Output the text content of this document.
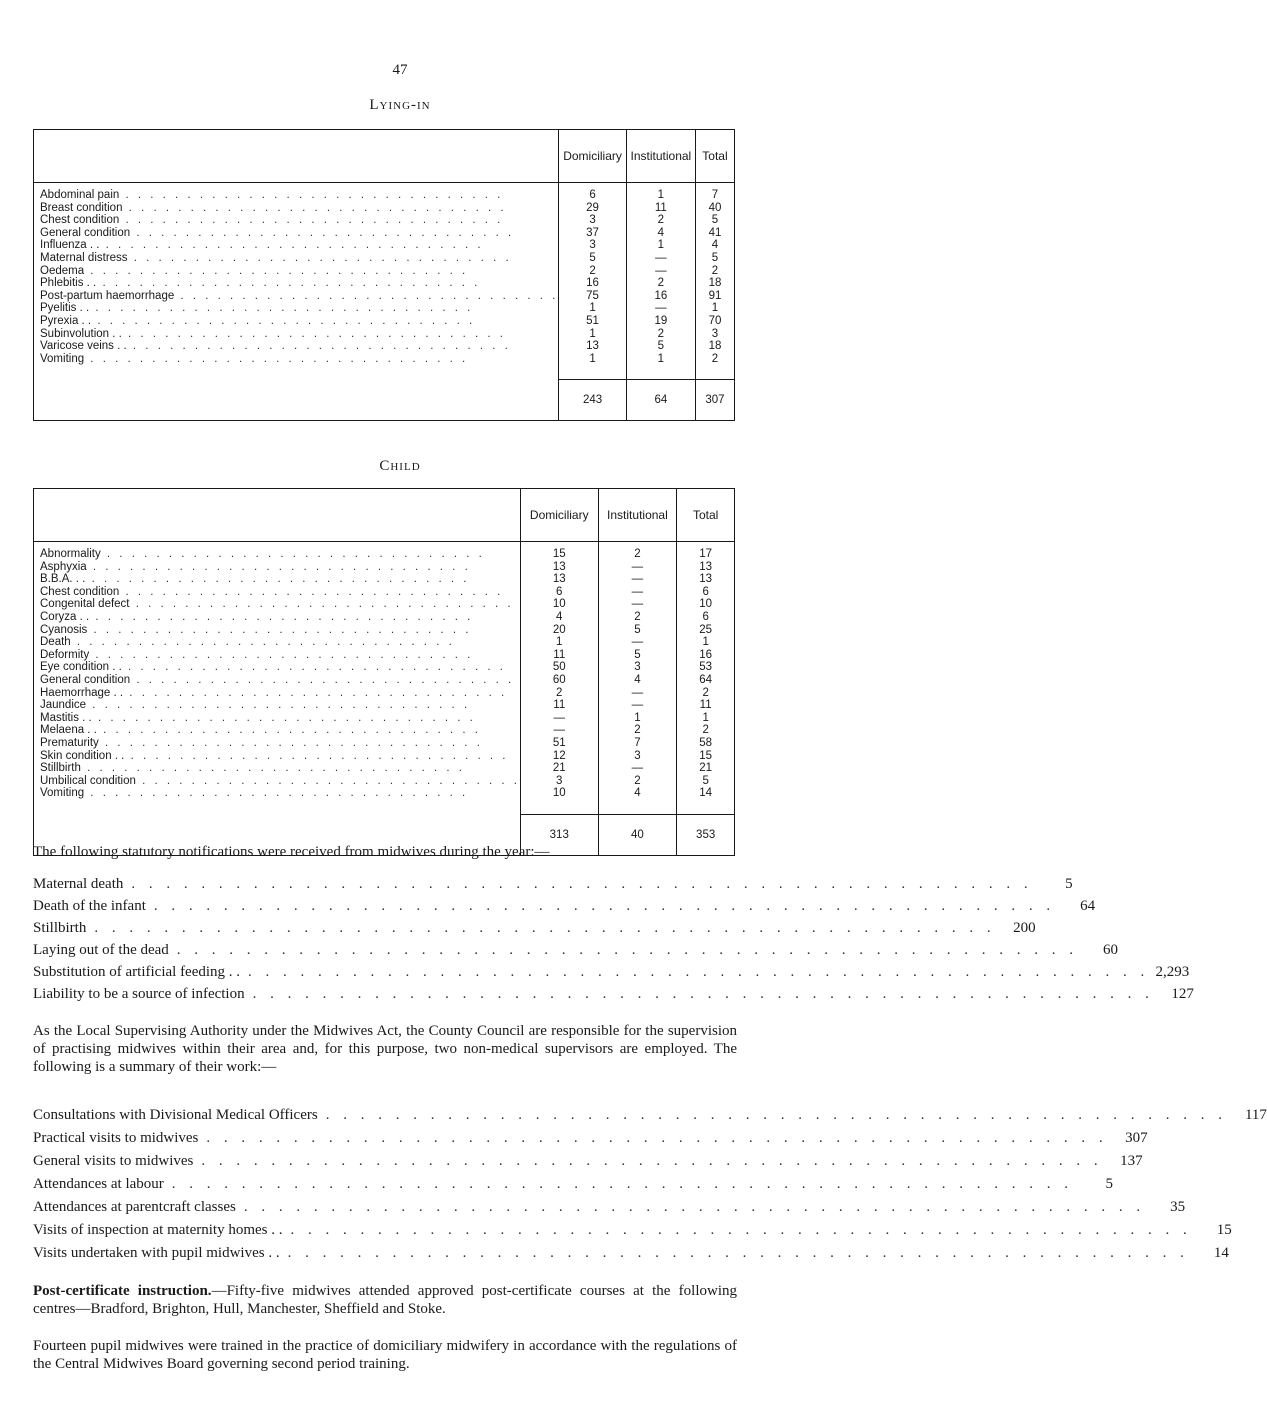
47
Lying-in
	Domiciliary	Institutional	Total
Abdominal pain . . . . . . . . . . . . . . . . . . . . . . . . . . . . . . .	6	1	7
Breast condition . . . . . . . . . . . . . . . . . . . . . . . . . . . . . . .	29	11	40
Chest condition . . . . . . . . . . . . . . . . . . . . . . . . . . . . . . .	3	2	5
General condition . . . . . . . . . . . . . . . . . . . . . . . . . . . . . . .	37	4	41
Influenza . . . . . . . . . . . . . . . . . . . . . . . . . . . . . . . . .	3	1	4
Maternal distress . . . . . . . . . . . . . . . . . . . . . . . . . . . . . . .	5	—	5
Oedema . . . . . . . . . . . . . . . . . . . . . . . . . . . . . . .	2	—	2
Phlebitis . . . . . . . . . . . . . . . . . . . . . . . . . . . . . . . . .	16	2	18
Post-partum haemorrhage . . . . . . . . . . . . . . . . . . . . . . . . . . . . . . .	75	16	91
Pyelitis . . . . . . . . . . . . . . . . . . . . . . . . . . . . . . . . .	1	—	1
Pyrexia . . . . . . . . . . . . . . . . . . . . . . . . . . . . . . . . .	51	19	70
Subinvolution . . . . . . . . . . . . . . . . . . . . . . . . . . . . . . . . .	1	2	3
Varicose veins . . . . . . . . . . . . . . . . . . . . . . . . . . . . . . . . .	13	5	18
Vomiting . . . . . . . . . . . . . . . . . . . . . . . . . . . . . . .	1	1	2

	243	64	307
Child
	Domiciliary	Institutional	Total
Abnormality . . . . . . . . . . . . . . . . . . . . . . . . . . . . . . .	15	2	17
Asphyxia . . . . . . . . . . . . . . . . . . . . . . . . . . . . . . .	13	—	13
B.B.A. . . . . . . . . . . . . . . . . . . . . . . . . . . . . . . . . .	13	—	13
Chest condition . . . . . . . . . . . . . . . . . . . . . . . . . . . . . . .	6	—	6
Congenital defect . . . . . . . . . . . . . . . . . . . . . . . . . . . . . . .	10	—	10
Coryza . . . . . . . . . . . . . . . . . . . . . . . . . . . . . . . . .	4	2	6
Cyanosis . . . . . . . . . . . . . . . . . . . . . . . . . . . . . . .	20	5	25
Death . . . . . . . . . . . . . . . . . . . . . . . . . . . . . . .	1	—	1
Deformity . . . . . . . . . . . . . . . . . . . . . . . . . . . . . . .	11	5	16
Eye condition . . . . . . . . . . . . . . . . . . . . . . . . . . . . . . . . .	50	3	53
General condition . . . . . . . . . . . . . . . . . . . . . . . . . . . . . . .	60	4	64
Haemorrhage . . . . . . . . . . . . . . . . . . . . . . . . . . . . . . . . .	2	—	2
Jaundice . . . . . . . . . . . . . . . . . . . . . . . . . . . . . . .	11	—	11
Mastitis . . . . . . . . . . . . . . . . . . . . . . . . . . . . . . . . .	—	1	1
Melaena . . . . . . . . . . . . . . . . . . . . . . . . . . . . . . . . .	—	2	2
Prematurity . . . . . . . . . . . . . . . . . . . . . . . . . . . . . . .	51	7	58
Skin condition . . . . . . . . . . . . . . . . . . . . . . . . . . . . . . . . .	12	3	15
Stillbirth . . . . . . . . . . . . . . . . . . . . . . . . . . . . . . .	21	—	21
Umbilical condition . . . . . . . . . . . . . . . . . . . . . . . . . . . . . . .	3	2	5
Vomiting . . . . . . . . . . . . . . . . . . . . . . . . . . . . . . .	10	4	14

	313	40	353

The following statutory notifications were received from midwives during the year:—

Maternal death . . . . . . . . . . . . . . . . . . . . . . . . . . . . . . . . . . . . . . . . . . . . . . . . . . . .	5
Death of the infant . . . . . . . . . . . . . . . . . . . . . . . . . . . . . . . . . . . . . . . . . . . . . . . . . . . .	64
Stillbirth . . . . . . . . . . . . . . . . . . . . . . . . . . . . . . . . . . . . . . . . . . . . . . . . . . . .	200
Laying out of the dead . . . . . . . . . . . . . . . . . . . . . . . . . . . . . . . . . . . . . . . . . . . . . . . . . . . .	60
Substitution of artificial feeding . . . . . . . . . . . . . . . . . . . . . . . . . . . . . . . . . . . . . . . . . . . . . . . . . . . . . . 2,293
Liability to be a source of infection . . . . . . . . . . . . . . . . . . . . . . . . . . . . . . . . . . . . . . . . . . . . . . . . . . . .	127

As the Local Supervising Authority under the Midwives Act, the County Council are responsible for the supervision of practising midwives within their area and, for this purpose, two non-medical supervisors are employed. The following is a summary of their work:—

Consultations with Divisional Medical Officers . . . . . . . . . . . . . . . . . . . . . . . . . . . . . . . . . . . . . . . . . . . . . . . . . . . .	117
Practical visits to midwives . . . . . . . . . . . . . . . . . . . . . . . . . . . . . . . . . . . . . . . . . . . . . . . . . . . .	307
General visits to midwives . . . . . . . . . . . . . . . . . . . . . . . . . . . . . . . . . . . . . . . . . . . . . . . . . . . .	137
Attendances at labour . . . . . . . . . . . . . . . . . . . . . . . . . . . . . . . . . . . . . . . . . . . . . . . . . . . .	5
Attendances at parentcraft classes . . . . . . . . . . . . . . . . . . . . . . . . . . . . . . . . . . . . . . . . . . . . . . . . . . . .	35
Visits of inspection at maternity homes . . . . . . . . . . . . . . . . . . . . . . . . . . . . . . . . . . . . . . . . . . . . . . . . . . . . . .	15
Visits undertaken with pupil midwives . . . . . . . . . . . . . . . . . . . . . . . . . . . . . . . . . . . . . . . . . . . . . . . . . . . . . .	14

Post-certificate instruction.—Fifty-five midwives attended approved post-certificate courses at the following centres—Bradford, Brighton, Hull, Manchester, Sheffield and Stoke.

Fourteen pupil midwives were trained in the practice of domiciliary midwifery in accordance with the regulations of the Central Midwives Board governing second period training.
